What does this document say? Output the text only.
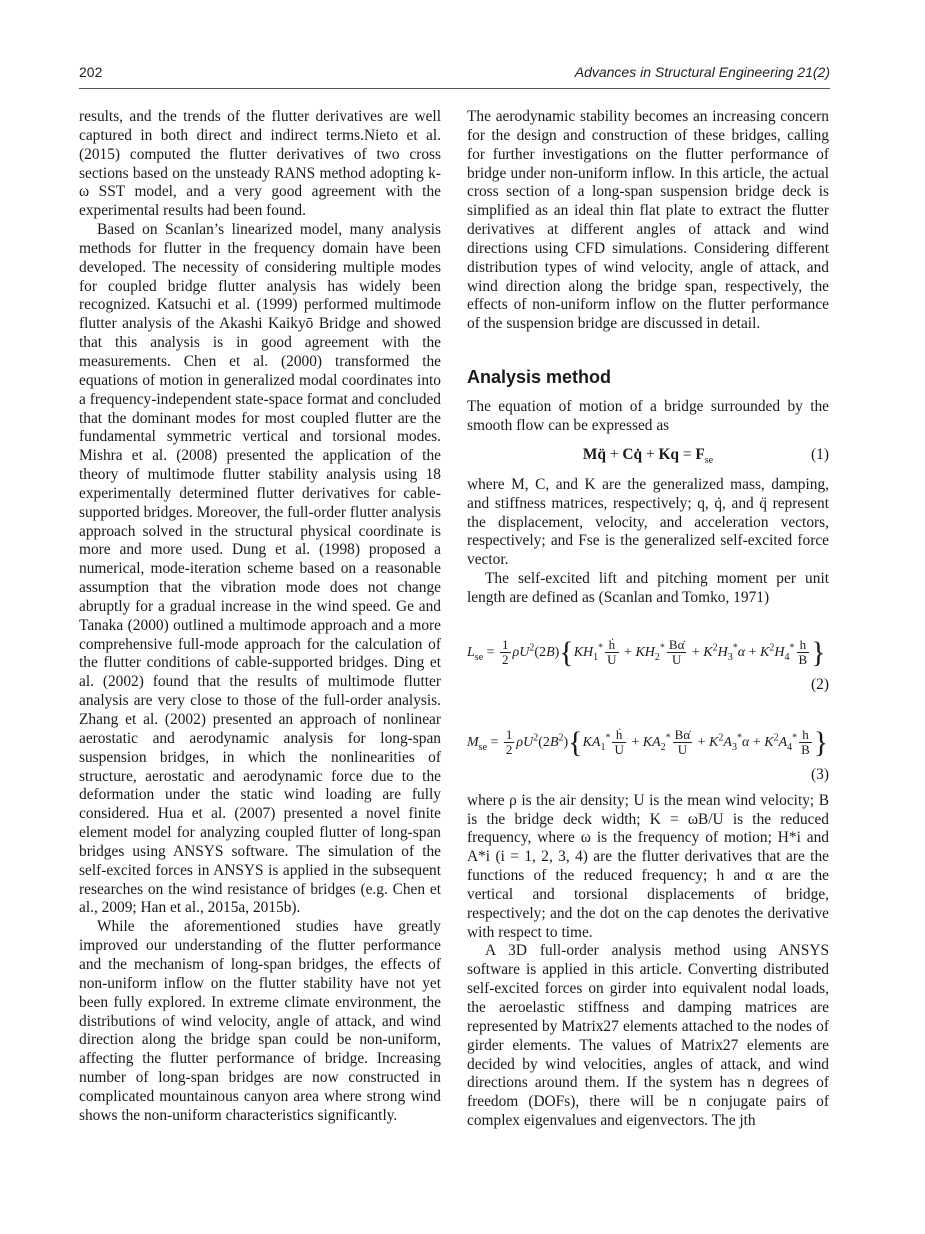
202	Advances in Structural Engineering 21(2)

results, and the trends of the flutter derivatives are well captured in both direct and indirect terms.Nieto et al. (2015) computed the flutter derivatives of two cross sections based on the unsteady RANS method adopting k-ω SST model, and a very good agreement with the experimental results had been found.

Based on Scanlan’s linearized model, many analysis methods for flutter in the frequency domain have been developed. The necessity of considering multiple modes for coupled bridge flutter analysis has widely been recognized. Katsuchi et al. (1999) performed multimode flutter analysis of the Akashi Kaikyō Bridge and showed that this analysis is in good agreement with the measurements. Chen et al. (2000) transformed the equations of motion in generalized modal coordinates into a frequency-independent state-space format and concluded that the dominant modes for most coupled flutter are the fundamental symmetric vertical and torsional modes. Mishra et al. (2008) presented the application of the theory of multimode flutter stability analysis using 18 experimentally determined flutter derivatives for cable-supported bridges. Moreover, the full-order flutter analysis approach solved in the structural physical coordinate is more and more used. Dung et al. (1998) proposed a numerical, mode-iteration scheme based on a reasonable assumption that the vibration mode does not change abruptly for a gradual increase in the wind speed. Ge and Tanaka (2000) outlined a multimode approach and a more comprehensive full-mode approach for the calculation of the flutter conditions of cable-supported bridges. Ding et al. (2002) found that the results of multimode flutter analysis are very close to those of the full-order analysis. Zhang et al. (2002) presented an approach of nonlinear aerostatic and aerodynamic analysis for long-span suspension bridges, in which the nonlinearities of structure, aerostatic and aerodynamic force due to the deformation under the static wind loading are fully considered. Hua et al. (2007) presented a novel finite element model for analyzing coupled flutter of long-span bridges using ANSYS software. The simulation of the self-excited forces in ANSYS is applied in the subsequent researches on the wind resistance of bridges (e.g. Chen et al., 2009; Han et al., 2015a, 2015b).

While the aforementioned studies have greatly improved our understanding of the flutter performance and the mechanism of long-span bridges, the effects of non-uniform inflow on the flutter stability have not yet been fully explored. In extreme climate environment, the distributions of wind velocity, angle of attack, and wind direction along the bridge span could be non-uniform, affecting the flutter performance of bridge. Increasing number of long-span bridges are now constructed in complicated mountainous canyon area where strong wind shows the non-uniform characteristics significantly.

The aerodynamic stability becomes an increasing concern for the design and construction of these bridges, calling for further investigations on the flutter performance of bridge under non-uniform inflow. In this article, the actual cross section of a long-span suspension bridge deck is simplified as an ideal thin flat plate to extract the flutter derivatives at different angles of attack and wind directions using CFD simulations. Considering different distribution types of wind velocity, angle of attack, and wind direction along the bridge span, respectively, the effects of non-uniform inflow on the flutter performance of the suspension bridge are discussed in detail.

Analysis method

The equation of motion of a bridge surrounded by the smooth flow can be expressed as

Mq̈ + Cq̇ + $Kq = F_{se}$	(1)

where M, C, and K are the generalized mass, damping, and stiffness matrices, respectively; q, q̇, and q̈ represent the displacement, velocity, and acceleration vectors, respectively; and Fse is the generalized self-excited force vector.

The self-excited lift and pitching moment per unit length are defined as (Scanlan and Tomko, 1971)

$L_{se} = \frac{1}{2} \rho U^2(2B)\{KH_1^* \frac{\text{ḣ}}{U} + KH_2^* \frac{B\alphȧ}{U} + K^2H_3^*\alpha + K^2H_4^* \frac{h}{B}$ }
(2)
$M_{se} = \frac{1}{2} \rho U^2(2B^2)\{KA_1^* \frac{\text{ḣ}}{U} + KA_2^* \frac{B\alphȧ}{U} + K^2A_3^*\alpha + K^2A_4^* \frac{h}{B}$ }
(3)

where ρ is the air density; U is the mean wind velocity; B is the bridge deck width; K = ωB/U is the reduced frequency, where ω is the frequency of motion; H*i and A*i (i = 1, 2, 3, 4) are the flutter derivatives that are the functions of the reduced frequency; h and α are the vertical and torsional displacements of bridge, respectively; and the dot on the cap denotes the derivative with respect to time.

A 3D full-order analysis method using ANSYS software is applied in this article. Converting distributed self-excited forces on girder into equivalent nodal loads, the aeroelastic stiffness and damping matrices are represented by Matrix27 elements attached to the nodes of girder elements. The values of Matrix27 elements are decided by wind velocities, angles of attack, and wind directions around them. If the system has n degrees of freedom (DOFs), there will be n conjugate pairs of complex eigenvalues and eigenvectors. The jth
